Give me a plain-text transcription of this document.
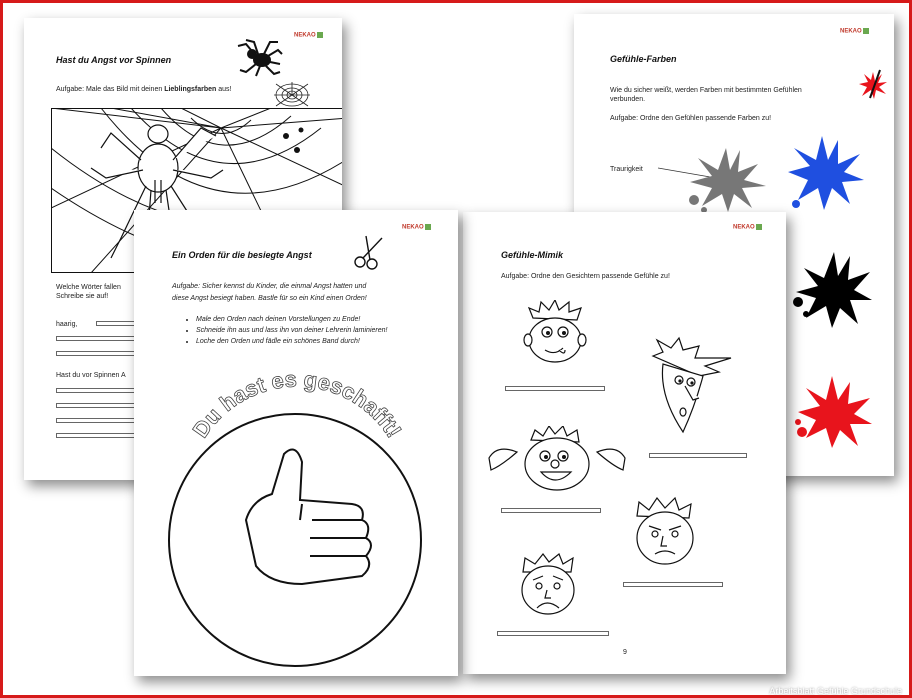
NEKAO
Hast du Angst vor Spinnen
Aufgabe: Male das Bild mit deinen Lieblingsfarben aus!
Welche Wörter fallen
Schreibe sie auf!
haarig,
Hast du vor Spinnen A
NEKAO
Gefühle-Farben
Wie du sicher weißt, werden Farben mit bestimmten Gefühlen
verbunden.
Aufgabe: Ordne den Gefühlen passende Farben zu!
Traurigkeit
NEKAO
Gefühle-Mimik
Aufgabe: Ordne den Gesichtern passende Gefühle zu!
9
NEKAO
Ein Orden für die besiegte Angst
Aufgabe: Sicher kennst du Kinder, die einmal Angst hatten und
diese Angst besiegt haben. Bastle für so ein Kind einen Orden!
• Male den Orden nach deinen Vorstellungen zu Ende!
• Schneide ihn aus und lass ihn von deiner Lehrerin laminieren!
• Loche den Orden und fädle ein schönes Band durch!
Du hast es geschafft!
Arbeitsblatt Gefühle Grundschule
